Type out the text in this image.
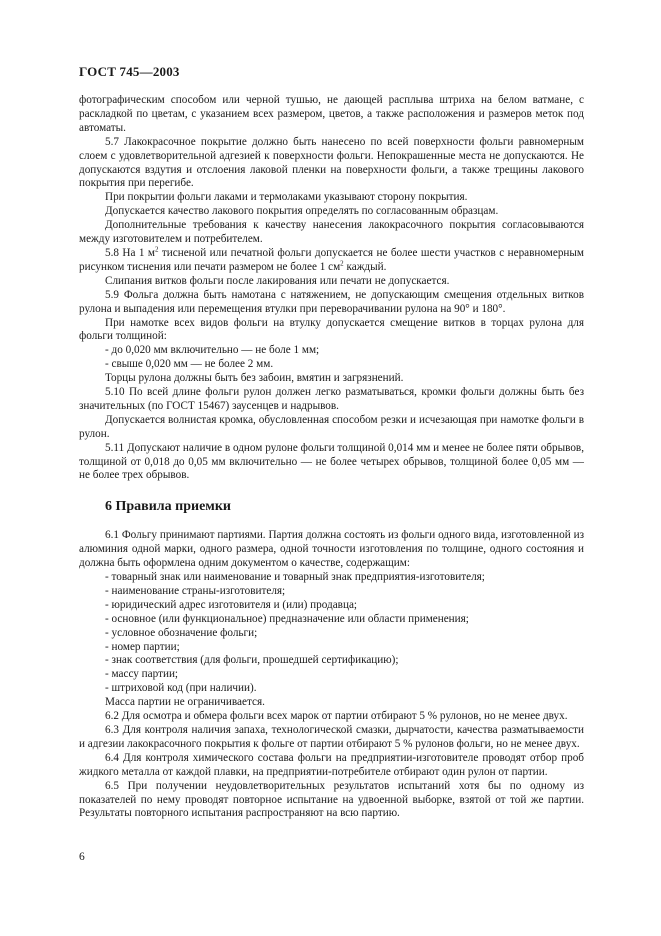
ГОСТ 745—2003

фотографическим способом или черной тушью, не дающей расплыва штриха на белом ватмане, с раскладкой по цветам, с указанием всех размером, цветов, а также расположения и размеров меток под автоматы.

5.7 Лакокрасочное покрытие должно быть нанесено по всей поверхности фольги равномерным слоем с удовлетворительной адгезией к поверхности фольги. Непокрашенные места не допускаются. Не допускаются вздутия и отслоения лаковой пленки на поверхности фольги, а также трещины лакового покрытия при перегибе.

При покрытии фольги лаками и термолаками указывают сторону покрытия.

Допускается качество лакового покрытия определять по согласованным образцам.

Дополнительные требования к качеству нанесения лакокрасочного покрытия согласовываются между изготовителем и потребителем.

5.8 На 1 $м^2$ тисненой или печатной фольги допускается не более шести участков с неравномерным рисунком тиснения или печати размером не более 1 $см^2$ каждый.

Слипания витков фольги после лакирования или печати не допускается.

5.9 Фольга должна быть намотана с натяжением, не допускающим смещения отдельных витков рулона и выпадения или перемещения втулки при переворачивании рулона на 90° и 180°.

При намотке всех видов фольги на втулку допускается смещение витков в торцах рулона для фольги толщиной:

- до 0,020 мм включительно — не боле 1 мм;

- свыше 0,020 мм — не более 2 мм.

Торцы рулона должны быть без забоин, вмятин и загрязнений.

5.10 По всей длине фольги рулон должен легко разматываться, кромки фольги должны быть без значительных (по ГОСТ 15467) заусенцев и надрывов.

Допускается волнистая кромка, обусловленная способом резки и исчезающая при намотке фольги в рулон.

5.11 Допускают наличие в одном рулоне фольги толщиной 0,014 мм и менее не более пяти обрывов, толщиной от 0,018 до 0,05 мм включительно — не более четырех обрывов, толщиной более 0,05 мм — не более трех обрывов.

6 Правила приемки

6.1 Фольгу принимают партиями. Партия должна состоять из фольги одного вида, изготовленной из алюминия одной марки, одного размера, одной точности изготовления по толщине, одного состояния и должна быть оформлена одним документом о качестве, содержащим:

- товарный знак или наименование и товарный знак предприятия-изготовителя;

- наименование страны-изготовителя;

- юридический адрес изготовителя и (или) продавца;

- основное (или функциональное) предназначение или области применения;

- условное обозначение фольги;

- номер партии;

- знак соответствия (для фольги, прошедшей сертификацию);

- массу партии;

- штриховой код (при наличии).

Масса партии не ограничивается.

6.2 Для осмотра и обмера фольги всех марок от партии отбирают 5 % рулонов, но не менее двух.

6.3 Для контроля наличия запаха, технологической смазки, дырчатости, качества разматываемости и адгезии лакокрасочного покрытия к фольге от партии отбирают 5 % рулонов фольги, но не менее двух.

6.4 Для контроля химического состава фольги на предприятии-изготовителе проводят отбор проб жидкого металла от каждой плавки, на предприятии-потребителе отбирают один рулон от партии.

6.5 При получении неудовлетворительных результатов испытаний хотя бы по одному из показателей по нему проводят повторное испытание на удвоенной выборке, взятой от той же партии. Результаты повторного испытания распространяют на всю партию.

6
